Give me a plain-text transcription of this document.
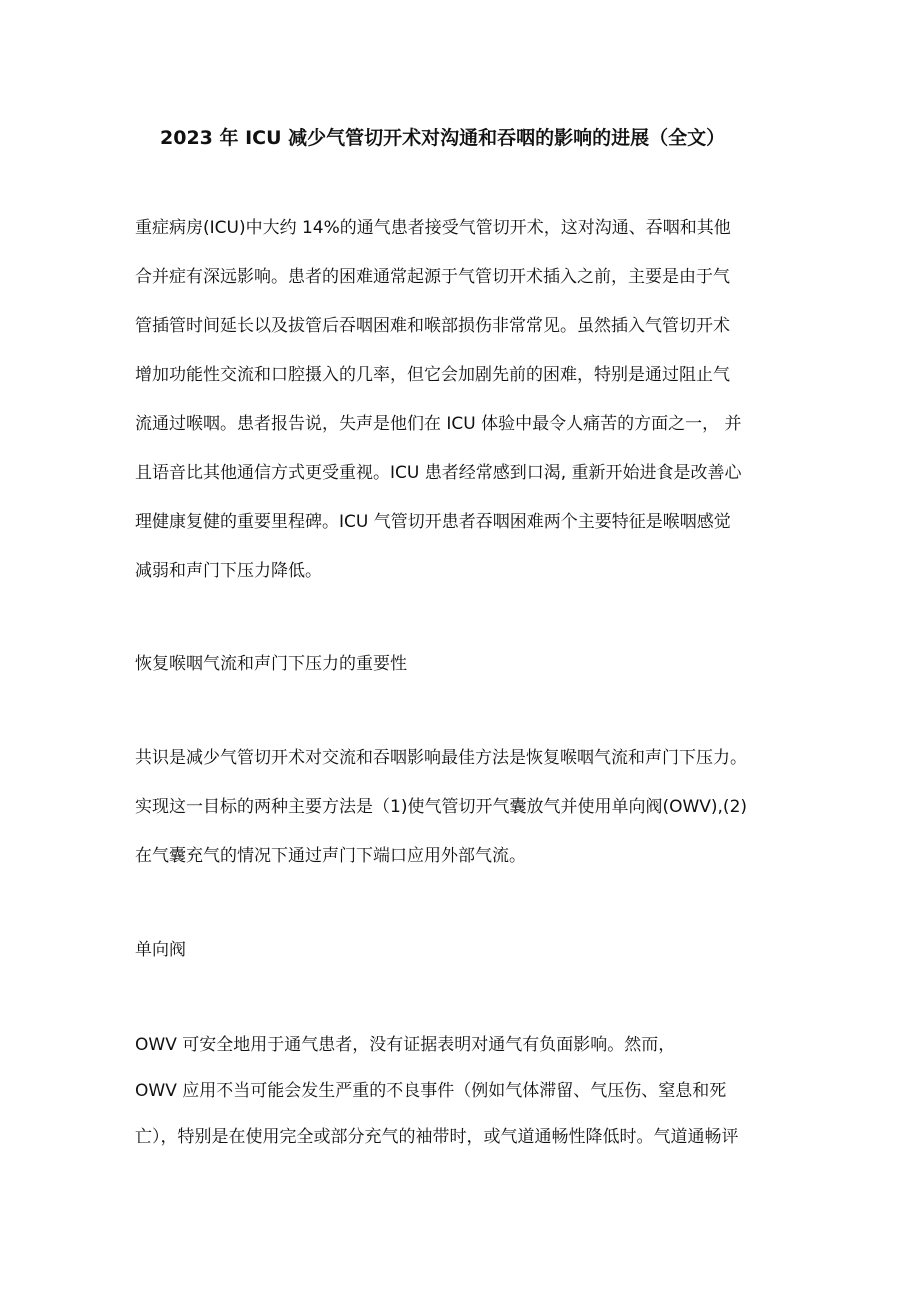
2023 年 ICU 减少气管切开术对沟通和吞咽的影响的进展（全文）
重症病房(ICU)中大约 14%的通气患者接受气管切开术，这对沟通、吞咽和其他
合并症有深远影响。患者的困难通常起源于气管切开术插入之前，主要是由于气
管插管时间延长以及拔管后吞咽困难和喉部损伤非常常见。虽然插入气管切开术
增加功能性交流和口腔摄入的几率，但它会加剧先前的困难，特别是通过阻止气
流通过喉咽。患者报告说，失声是他们在 ICU 体验中最令人痛苦的方面之一， 并
且语音比其他通信方式更受重视。ICU 患者经常感到口渴, 重新开始进食是改善心
理健康复健的重要里程碑。ICU 气管切开患者吞咽困难两个主要特征是喉咽感觉
减弱和声门下压力降低。
恢复喉咽气流和声门下压力的重要性
共识是减少气管切开术对交流和吞咽影响最佳方法是恢复喉咽气流和声门下压力。
实现这一目标的两种主要方法是（1)使气管切开气囊放气并使用单向阀(OWV),(2)
在气囊充气的情况下通过声门下端口应用外部气流。
单向阀
OWV 可安全地用于通气患者，没有证据表明对通气有负面影响。然而，
OWV 应用不当可能会发生严重的不良事件（例如气体滞留、气压伤、窒息和死
亡），特别是在使用完全或部分充气的袖带时，或气道通畅性降低时。气道通畅评
